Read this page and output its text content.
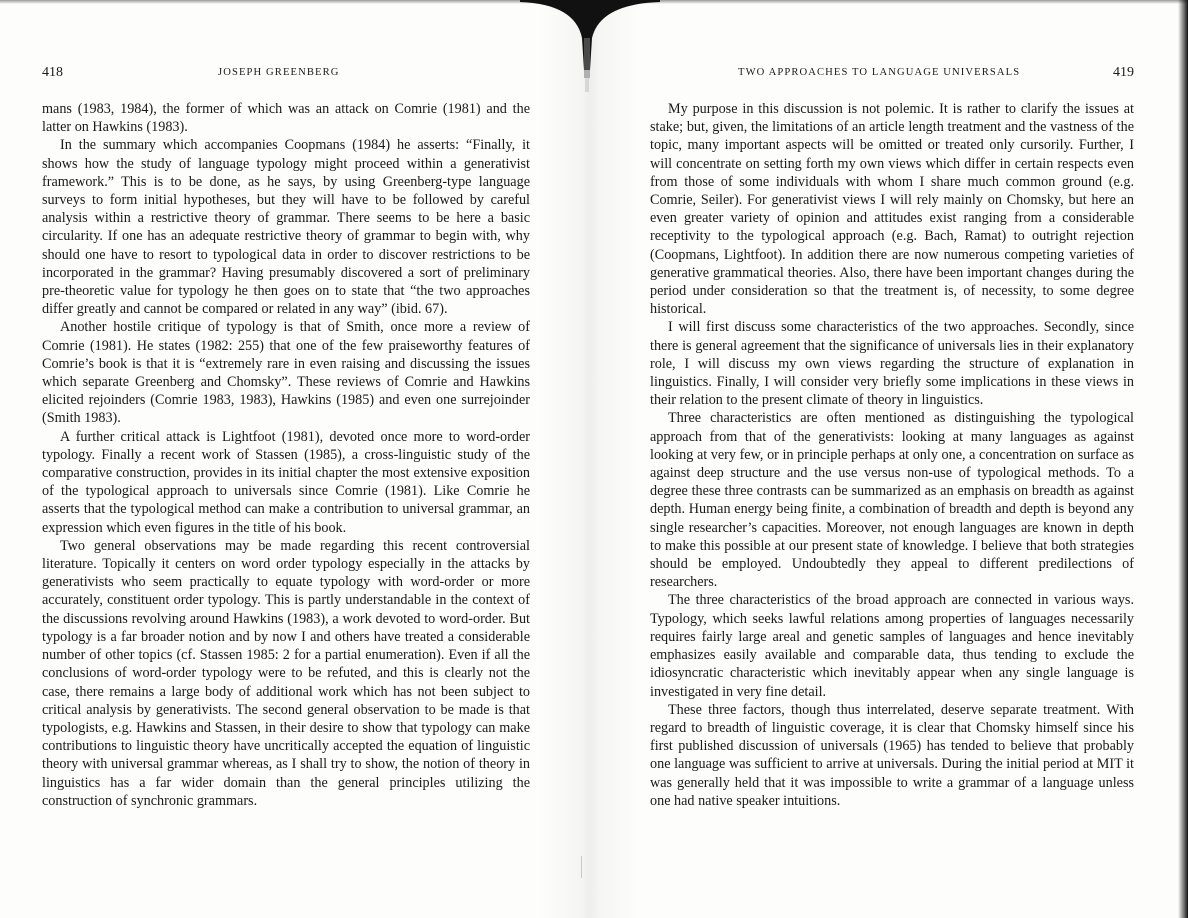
418	JOSEPH GREENBERG

mans (1983, 1984), the former of which was an attack on Comrie (1981) and the latter on Hawkins (1983).

In the summary which accompanies Coopmans (1984) he asserts: “Finally, it shows how the study of language typology might proceed within a generativist framework.” This is to be done, as he says, by using Greenberg-type language surveys to form initial hypotheses, but they will have to be followed by careful analysis within a restrictive theory of grammar. There seems to be here a basic circularity. If one has an adequate restrictive theory of grammar to begin with, why should one have to resort to typological data in order to discover restrictions to be incorporated in the grammar? Having presumably discovered a sort of preliminary pre-theoretic value for typology he then goes on to state that “the two approaches differ greatly and cannot be compared or related in any way” (ibid. 67).

Another hostile critique of typology is that of Smith, once more a review of Comrie (1981). He states (1982: 255) that one of the few praiseworthy features of Comrie’s book is that it is “extremely rare in even raising and discussing the issues which separate Greenberg and Chomsky”. These reviews of Comrie and Hawkins elicited rejoinders (Comrie 1983, 1983), Hawkins (1985) and even one surrejoinder (Smith 1983).

A further critical attack is Lightfoot (1981), devoted once more to word-order typology. Finally a recent work of Stassen (1985), a cross-linguistic study of the comparative construction, provides in its initial chapter the most extensive exposition of the typological approach to universals since Comrie (1981). Like Comrie he asserts that the typological method can make a contribution to universal grammar, an expression which even figures in the title of his book.

Two general observations may be made regarding this recent controversial literature. Topically it centers on word order typology especially in the attacks by generativists who seem practically to equate typology with word-order or more accurately, constituent order typology. This is partly understandable in the context of the discussions revolving around Hawkins (1983), a work devoted to word-order. But typology is a far broader notion and by now I and others have treated a considerable number of other topics (cf. Stassen 1985: 2 for a partial enumeration). Even if all the conclusions of word-order typology were to be refuted, and this is clearly not the case, there remains a large body of additional work which has not been subject to critical analysis by generativists. The second general observation to be made is that typologists, e.g. Hawkins and Stassen, in their desire to show that typology can make contributions to linguistic theory have uncritically accepted the equation of linguistic theory with universal grammar whereas, as I shall try to show, the notion of theory in linguistics has a far wider domain than the general principles utilizing the construction of synchronic grammars.

TWO APPROACHES TO LANGUAGE UNIVERSALS	419

My purpose in this discussion is not polemic. It is rather to clarify the issues at stake; but, given, the limitations of an article length treatment and the vastness of the topic, many important aspects will be omitted or treated only cursorily. Further, I will concentrate on setting forth my own views which differ in certain respects even from those of some individuals with whom I share much common ground (e.g. Comrie, Seiler). For generativist views I will rely mainly on Chomsky, but here an even greater variety of opinion and attitudes exist ranging from a considerable receptivity to the typological approach (e.g. Bach, Ramat) to outright rejection (Coopmans, Lightfoot). In addition there are now numerous competing varieties of generative grammatical theories. Also, there have been important changes during the period under consideration so that the treatment is, of necessity, to some degree historical.

I will first discuss some characteristics of the two approaches. Secondly, since there is general agreement that the significance of universals lies in their explanatory role, I will discuss my own views regarding the structure of explanation in linguistics. Finally, I will consider very briefly some implications in these views in their relation to the present climate of theory in linguistics.

Three characteristics are often mentioned as distinguishing the typological approach from that of the generativists: looking at many languages as against looking at very few, or in principle perhaps at only one, a concentration on surface as against deep structure and the use versus non-use of typological methods. To a degree these three contrasts can be summarized as an emphasis on breadth as against depth. Human energy being finite, a combination of breadth and depth is beyond any single researcher’s capacities. Moreover, not enough languages are known in depth to make this possible at our present state of knowledge. I believe that both strategies should be employed. Undoubtedly they appeal to different predilections of researchers.

The three characteristics of the broad approach are connected in various ways. Typology, which seeks lawful relations among properties of languages necessarily requires fairly large areal and genetic samples of languages and hence inevitably emphasizes easily available and comparable data, thus tending to exclude the idiosyncratic characteristic which inevitably appear when any single language is investigated in very fine detail.

These three factors, though thus interrelated, deserve separate treatment. With regard to breadth of linguistic coverage, it is clear that Chomsky himself since his first published discussion of universals (1965) has tended to believe that probably one language was sufficient to arrive at universals. During the initial period at MIT it was generally held that it was impossible to write a grammar of a language unless one had native speaker intuitions.
